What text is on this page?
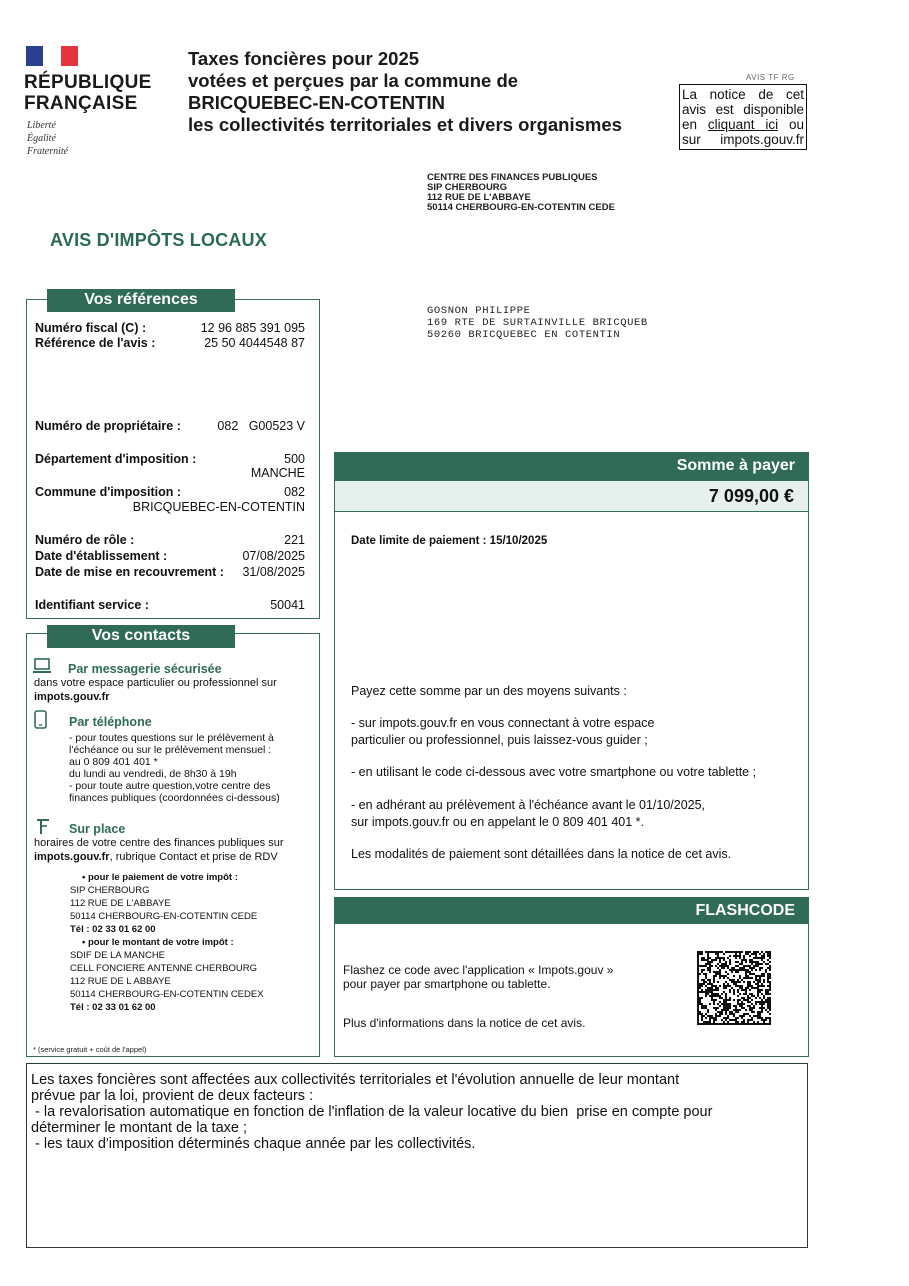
RÉPUBLIQUE
FRANÇAISE
Liberté
Égalité
Fraternité
Taxes foncières pour 2025
votées et perçues par la commune de
BRICQUEBEC-EN-COTENTIN
les collectivités territoriales et divers organismes
AVIS TF RG
La notice de cet
avis est disponible
en cliquant ici ou
sur impots.gouv.fr
CENTRE DES FINANCES PUBLIQUES
SIP CHERBOURG
112 RUE DE L'ABBAYE
50114 CHERBOURG-EN-COTENTIN CEDE
AVIS D'IMPÔTS LOCAUX
Vos références
Numéro fiscal (C) :	12 96 885 391 095
Référence de l'avis :	25 50 4044548 87
Numéro de propriétaire :	082   G00523 V
Département d'imposition :	500
MANCHE
Commune d'imposition :	082
BRICQUEBEC-EN-COTENTIN
Numéro de rôle :	221
Date d'établissement :	07/08/2025
Date de mise en recouvrement : 31/08/2025
Identifiant service :	50041
Vos contacts
Par messagerie sécurisée
dans votre espace particulier ou professionnel sur
impots.gouv.fr
Par téléphone
- pour toutes questions sur le prélèvement à
l'échéance ou sur le prélèvement mensuel :
au 0 809 401 401 *
du lundi au vendredi, de 8h30 à 19h
- pour toute autre question,votre centre des
finances publiques (coordonnées ci-dessous)
Sur place
horaires de votre centre des finances publiques sur
impots.gouv.fr, rubrique Contact et prise de RDV
• pour le paiement de votre impôt :
SIP CHERBOURG
112 RUE DE L'ABBAYE
50114 CHERBOURG-EN-COTENTIN CEDE
Tél : 02 33 01 62 00
• pour le montant de votre impôt :
SDIF DE LA MANCHE
CELL FONCIERE ANTENNE CHERBOURG
112 RUE DE L ABBAYE
50114 CHERBOURG-EN-COTENTIN CEDEX
Tél : 02 33 01 62 00
* (service gratuit + coût de l'appel)
GOSNON PHILIPPE
169 RTE DE SURTAINVILLE BRICQUEB
50260 BRICQUEBEC EN COTENTIN
Somme à payer
7 099,00 €
Date limite de paiement : 15/10/2025
Payez cette somme par un des moyens suivants :
- sur impots.gouv.fr en vous connectant à votre espace
particulier ou professionnel, puis laissez-vous guider ;
- en utilisant le code ci-dessous avec votre smartphone ou votre tablette ;
- en adhérant au prélèvement à l'échéance avant le 01/10/2025,
sur impots.gouv.fr ou en appelant le 0 809 401 401 *.
Les modalités de paiement sont détaillées dans la notice de cet avis.
FLASHCODE
Flashez ce code avec l'application « Impots.gouv »
pour payer par smartphone ou tablette.
Plus d'informations dans la notice de cet avis.
Les taxes foncières sont affectées aux collectivités territoriales et l'évolution annuelle de leur montant
prévue par la loi, provient de deux facteurs :
- la revalorisation automatique en fonction de l'inflation de la valeur locative du bien  prise en compte pour
déterminer le montant de la taxe ;
- les taux d'imposition déterminés chaque année par les collectivités.
